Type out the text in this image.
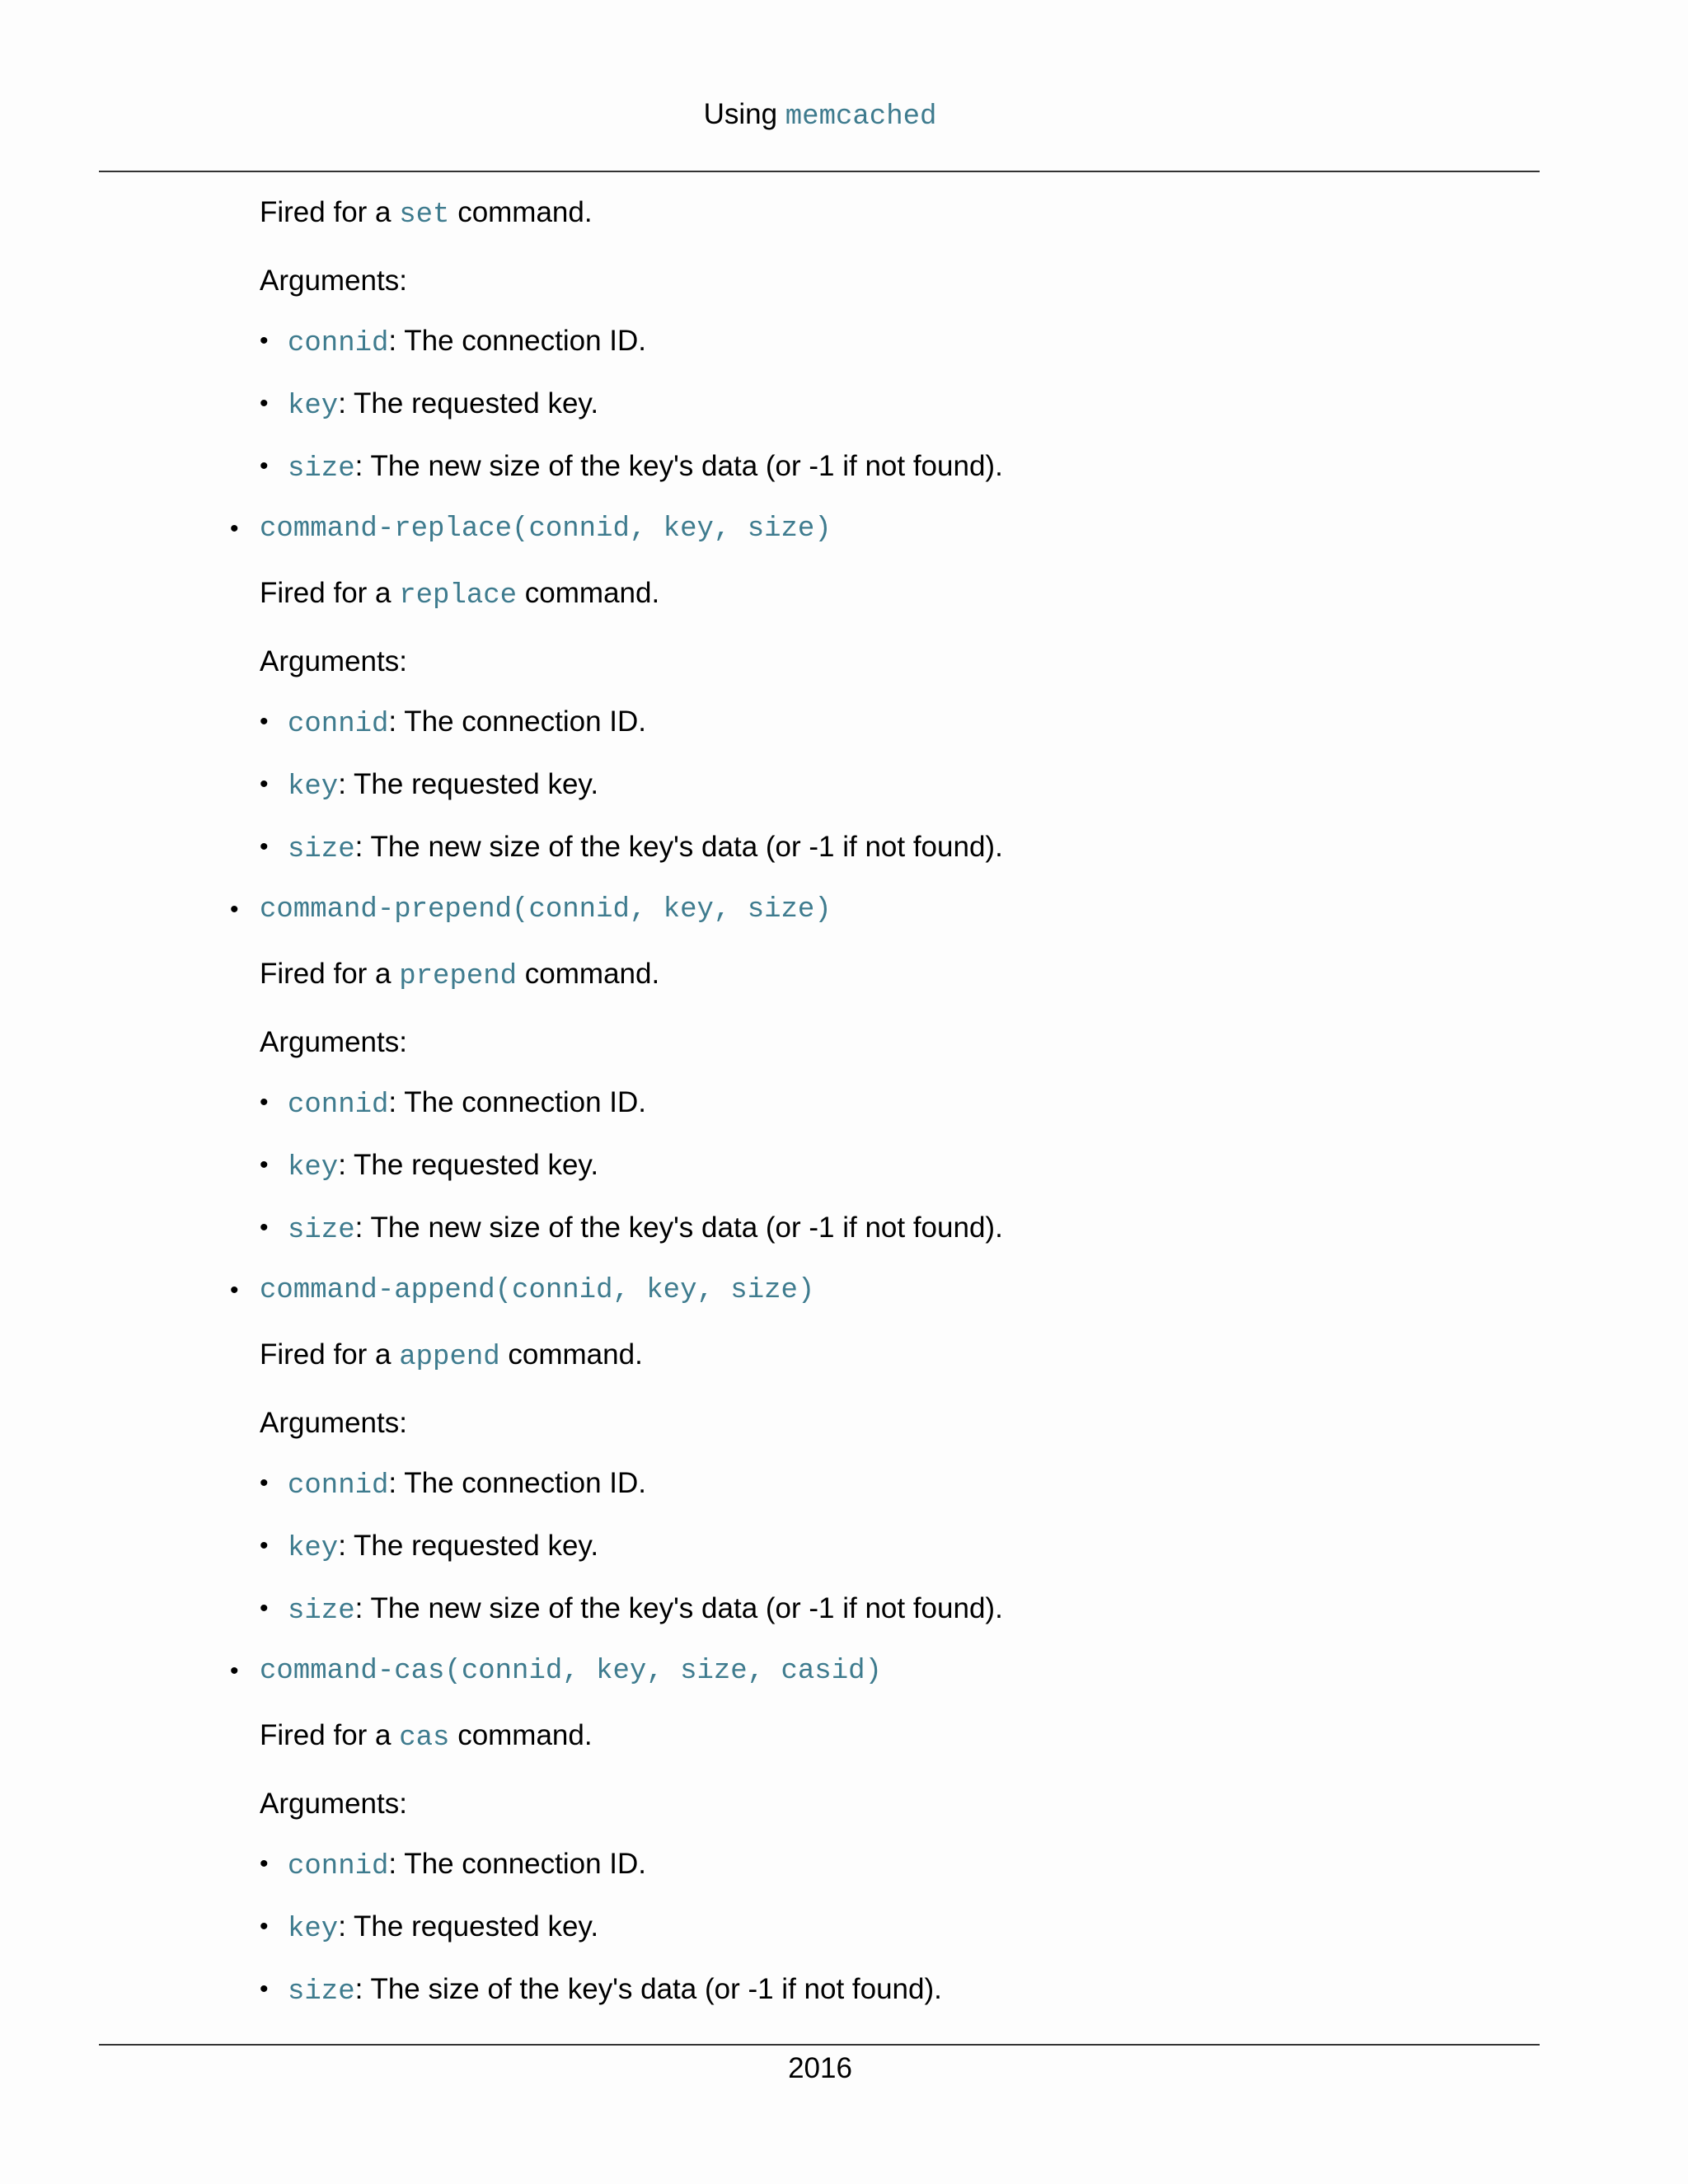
Using memcached
Fired for a set command.
Arguments:
• connid: The connection ID.
• key: The requested key.
• size: The new size of the key's data (or -1 if not found).
• command-replace(connid, key, size)
Fired for a replace command.
Arguments:
• connid: The connection ID.
• key: The requested key.
• size: The new size of the key's data (or -1 if not found).
• command-prepend(connid, key, size)
Fired for a prepend command.
Arguments:
• connid: The connection ID.
• key: The requested key.
• size: The new size of the key's data (or -1 if not found).
• command-append(connid, key, size)
Fired for a append command.
Arguments:
• connid: The connection ID.
• key: The requested key.
• size: The new size of the key's data (or -1 if not found).
• command-cas(connid, key, size, casid)
Fired for a cas command.
Arguments:
• connid: The connection ID.
• key: The requested key.
• size: The size of the key's data (or -1 if not found).
2016
